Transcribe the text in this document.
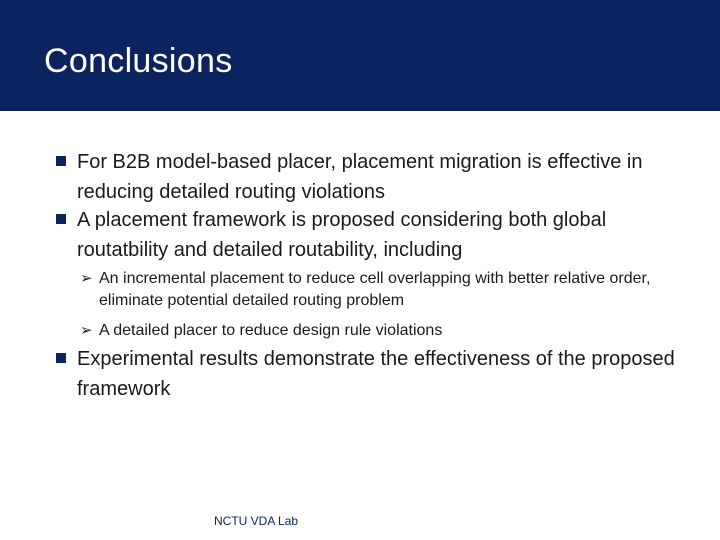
Conclusions
For B2B model-based placer, placement migration is effective in reducing detailed routing violations
A placement framework is proposed considering both global routatbility and detailed routability, including
➢ An incremental placement to reduce cell overlapping with better relative order, eliminate potential detailed routing problem
➢ A detailed placer to reduce design rule violations
Experimental results demonstrate the effectiveness of the proposed framework
NCTU VDA Lab
